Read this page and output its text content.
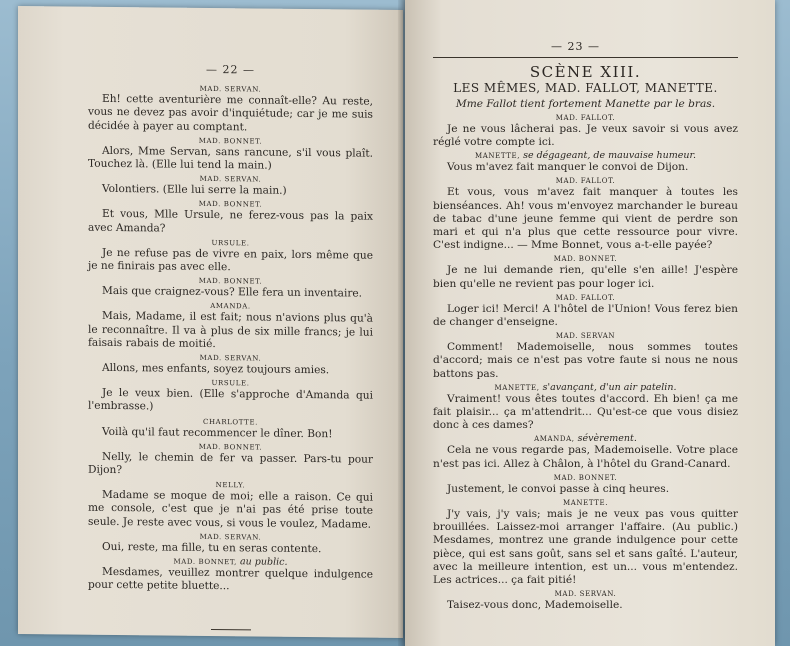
— 22 —
MAD. SERVAN.

Eh! cette aventurière me connaît-elle? Au reste, vous ne devez pas avoir d'inquiétude; car je me suis décidée à payer au comptant.

MAD. BONNET.

Alors, Mme Servan, sans rancune, s'il vous plaît. Touchez là. (Elle lui tend la main.)

MAD. SERVAN.

Volontiers. (Elle lui serre la main.)

MAD. BONNET.

Et vous, Mlle Ursule, ne ferez-vous pas la paix avec Amanda?

URSULE.

Je ne refuse pas de vivre en paix, lors même que je ne finirais pas avec elle.

MAD. BONNET.

Mais que craignez-vous? Elle fera un inventaire.

AMANDA.

Mais, Madame, il est fait; nous n'avions plus qu'à le reconnaître. Il va à plus de six mille francs; je lui faisais rabais de moitié.

MAD. SERVAN.

Allons, mes enfants, soyez toujours amies.

URSULE.

Je le veux bien. (Elle s'approche d'Amanda qui l'embrasse.)

CHARLOTTE.

Voilà qu'il faut recommencer le dîner. Bon!

MAD. BONNET.

Nelly, le chemin de fer va passer. Pars-tu pour Dijon?

NELLY.

Madame se moque de moi; elle a raison. Ce qui me console, c'est que je n'ai pas été prise toute seule. Je reste avec vous, si vous le voulez, Madame.

MAD. SERVAN.

Oui, reste, ma fille, tu en seras contente.

MAD. BONNET, au public.

Mesdames, veuillez montrer quelque indulgence pour cette petite bluette...

— 23 —
SCÈNE XIII.
LES MÊMES, MAD. FALLOT, MANETTE.
Mme Fallot tient fortement Manette par le bras.
MAD. FALLOT.

Je ne vous lâcherai pas. Je veux savoir si vous avez réglé votre compte ici.

MANETTE, se dégageant, de mauvaise humeur.

Vous m'avez fait manquer le convoi de Dijon.

MAD. FALLOT.

Et vous, vous m'avez fait manquer à toutes les bienséances. Ah! vous m'envoyez marchander le bureau de tabac d'une jeune femme qui vient de perdre son mari et qui n'a plus que cette ressource pour vivre. C'est indigne... — Mme Bonnet, vous a-t-elle payée?

MAD. BONNET.

Je ne lui demande rien, qu'elle s'en aille! J'espère bien qu'elle ne revient pas pour loger ici.

MAD. FALLOT.

Loger ici! Merci! A l'hôtel de l'Union! Vous ferez bien de changer d'enseigne.

MAD. SERVAN

Comment! Mademoiselle, nous sommes toutes d'accord; mais ce n'est pas votre faute si nous ne nous battons pas.

MANETTE, s'avançant, d'un air patelin.

Vraiment! vous êtes toutes d'accord. Eh bien! ça me fait plaisir... ça m'attendrit... Qu'est-ce que vous disiez donc à ces dames?

AMANDA, sévèrement.

Cela ne vous regarde pas, Mademoiselle. Votre place n'est pas ici. Allez à Châlon, à l'hôtel du Grand-Canard.

MAD. BONNET.

Justement, le convoi passe à cinq heures.

MANETTE.

J'y vais, j'y vais; mais je ne veux pas vous quitter brouillées. Laissez-moi arranger l'affaire. (Au public.) Mesdames, montrez une grande indulgence pour cette pièce, qui est sans goût, sans sel et sans gaîté. L'auteur, avec la meilleure intention, est un... vous m'entendez. Les actrices... ça fait pitié!

MAD. SERVAN.

Taisez-vous donc, Mademoiselle.
